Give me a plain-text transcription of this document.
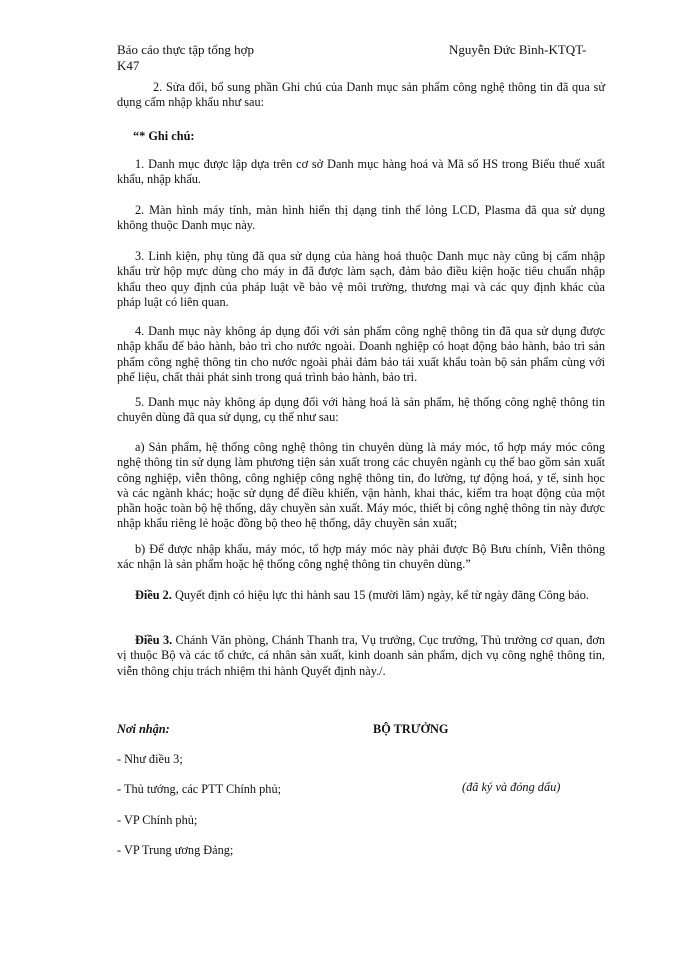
Báo cáo thực tập tổng hợp	Nguyễn Đức Bình-KTQT-
K47
2. Sửa đổi, bổ sung phần Ghi chú của Danh mục sản phẩm công nghệ thông tin đã qua sử dụng cấm nhập khẩu như sau:
“* Ghi chú:
1. Danh mục được lập dựa trên cơ sở Danh mục hàng hoá và Mã số HS trong Biểu thuế xuất khẩu, nhập khẩu.
2. Màn hình máy tính, màn hình hiển thị dạng tinh thể lỏng LCD, Plasma đã qua sử dụng không thuộc Danh mục này.
3. Linh kiện, phụ tùng đã qua sử dụng của hàng hoá thuộc Danh mục này cũng bị cấm nhập khẩu trừ hộp mực dùng cho máy in đã được làm sạch, đảm bảo điều kiện hoặc tiêu chuẩn nhập khẩu theo quy định của pháp luật về bảo vệ môi trường, thương mại và các quy định khác của pháp luật có liên quan.
4. Danh mục này không áp dụng đối với sản phẩm công nghệ thông tin đã qua sử dụng được nhập khẩu để bảo hành, bảo trì cho nước ngoài. Doanh nghiệp có hoạt động bảo hành, bảo trì sản phẩm công nghệ thông tin cho nước ngoài phải đảm bảo tái xuất khẩu toàn bộ sản phẩm cùng với phế liệu, chất thải phát sinh trong quá trình bảo hành, bảo trì.
5. Danh mục này không áp dụng đối với hàng hoá là sản phẩm, hệ thống công nghệ thông tin chuyên dùng đã qua sử dụng, cụ thể như sau:
a) Sản phẩm, hệ thống công nghệ thông tin chuyên dùng là máy móc, tổ hợp máy móc công nghệ thông tin sử dụng làm phương tiện sản xuất trong các chuyên ngành cụ thể bao gồm sản xuất công nghiệp, viễn thông, công nghiệp công nghệ thông tin, đo lường, tự động hoá, y tế, sinh học và các ngành khác; hoặc sử dụng để điều khiển, vận hành, khai thác, kiểm tra hoạt động của một phần hoặc toàn bộ hệ thống, dây chuyền sản xuất. Máy móc, thiết bị công nghệ thông tin này được nhập khẩu riêng lẻ hoặc đồng bộ theo hệ thống, dây chuyền sản xuất;
b) Để được nhập khẩu, máy móc, tổ hợp máy móc này phải được Bộ Bưu chính, Viễn thông xác nhận là sản phẩm hoặc hệ thống công nghệ thông tin chuyên dùng.”
Điều 2. Quyết định có hiệu lực thi hành sau 15 (mười lăm) ngày, kể từ ngày đăng Công báo.
Điều 3. Chánh Văn phòng, Chánh Thanh tra, Vụ trưởng, Cục trưởng, Thủ trưởng cơ quan, đơn vị thuộc Bộ và các tổ chức, cá nhân sản xuất, kinh doanh sản phẩm, dịch vụ công nghệ thông tin, viễn thông chịu trách nhiệm thi hành Quyết định này./.
Nơi nhận:	BỘ TRƯỞNG
(đã ký và đóng dấu)
- Như điều 3;
- Thủ tướng, các PTT Chính phủ;
- VP Chính phủ;
- VP Trung ương Đảng;
